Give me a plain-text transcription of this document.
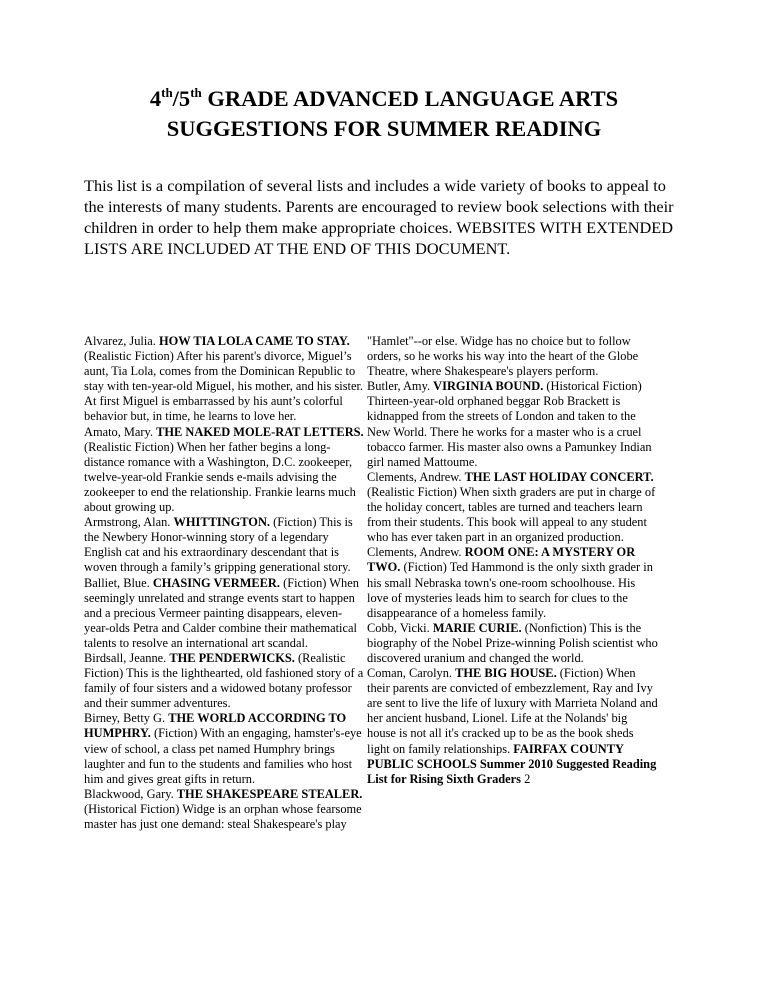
4th/5th GRADE ADVANCED LANGUAGE ARTS
SUGGESTIONS FOR SUMMER READING
This list is a compilation of several lists and includes a wide variety of books to appeal to the interests of many students. Parents are encouraged to review book selections with their children in order to help them make appropriate choices. WEBSITES WITH EXTENDED LISTS ARE INCLUDED AT THE END OF THIS DOCUMENT.

Alvarez, Julia. HOW TIA LOLA CAME TO STAY. (Realistic Fiction) After his parent's divorce, Miguel’s aunt, Tia Lola, comes from the Dominican Republic to stay with ten-year-old Miguel, his mother, and his sister. At first Miguel is embarrassed by his aunt’s colorful behavior but, in time, he learns to love her.

Amato, Mary. THE NAKED MOLE-RAT LETTERS. (Realistic Fiction) When her father begins a long-distance romance with a Washington, D.C. zookeeper, twelve-year-old Frankie sends e-mails advising the zookeeper to end the relationship. Frankie learns much about growing up.

Armstrong, Alan. WHITTINGTON. (Fiction) This is the Newbery Honor-winning story of a legendary English cat and his extraordinary descendant that is woven through a family’s gripping generational story.

Balliet, Blue. CHASING VERMEER. (Fiction) When seemingly unrelated and strange events start to happen and a precious Vermeer painting disappears, eleven-year-olds Petra and Calder combine their mathematical talents to resolve an international art scandal.

Birdsall, Jeanne. THE PENDERWICKS. (Realistic Fiction) This is the lighthearted, old fashioned story of a family of four sisters and a widowed botany professor and their summer adventures.

Birney, Betty G. THE WORLD ACCORDING TO HUMPHRY. (Fiction) With an engaging, hamster's-eye view of school, a class pet named Humphry brings laughter and fun to the students and families who host him and gives great gifts in return.

Blackwood, Gary. THE SHAKESPEARE STEALER. (Historical Fiction) Widge is an orphan whose fearsome master has just one demand: steal Shakespeare's play

"Hamlet"--or else. Widge has no choice but to follow orders, so he works his way into the heart of the Globe Theatre, where Shakespeare's players perform.

Butler, Amy. VIRGINIA BOUND. (Historical Fiction) Thirteen-year-old orphaned beggar Rob Brackett is kidnapped from the streets of London and taken to the New World. There he works for a master who is a cruel tobacco farmer. His master also owns a Pamunkey Indian girl named Mattoume.

Clements, Andrew. THE LAST HOLIDAY CONCERT. (Realistic Fiction) When sixth graders are put in charge of the holiday concert, tables are turned and teachers learn from their students. This book will appeal to any student who has ever taken part in an organized production.

Clements, Andrew. ROOM ONE: A MYSTERY OR TWO. (Fiction) Ted Hammond is the only sixth grader in his small Nebraska town's one-room schoolhouse. His love of mysteries leads him to search for clues to the disappearance of a homeless family.

Cobb, Vicki. MARIE CURIE. (Nonfiction) This is the biography of the Nobel Prize-winning Polish scientist who discovered uranium and changed the world.

Coman, Carolyn. THE BIG HOUSE. (Fiction) When their parents are convicted of embezzlement, Ray and Ivy are sent to live the life of luxury with Marrieta Noland and her ancient husband, Lionel. Life at the Nolands' big house is not all it's cracked up to be as the book sheds light on family relationships. FAIRFAX COUNTY PUBLIC SCHOOLS Summer 2010 Suggested Reading List for Rising Sixth Graders 2
